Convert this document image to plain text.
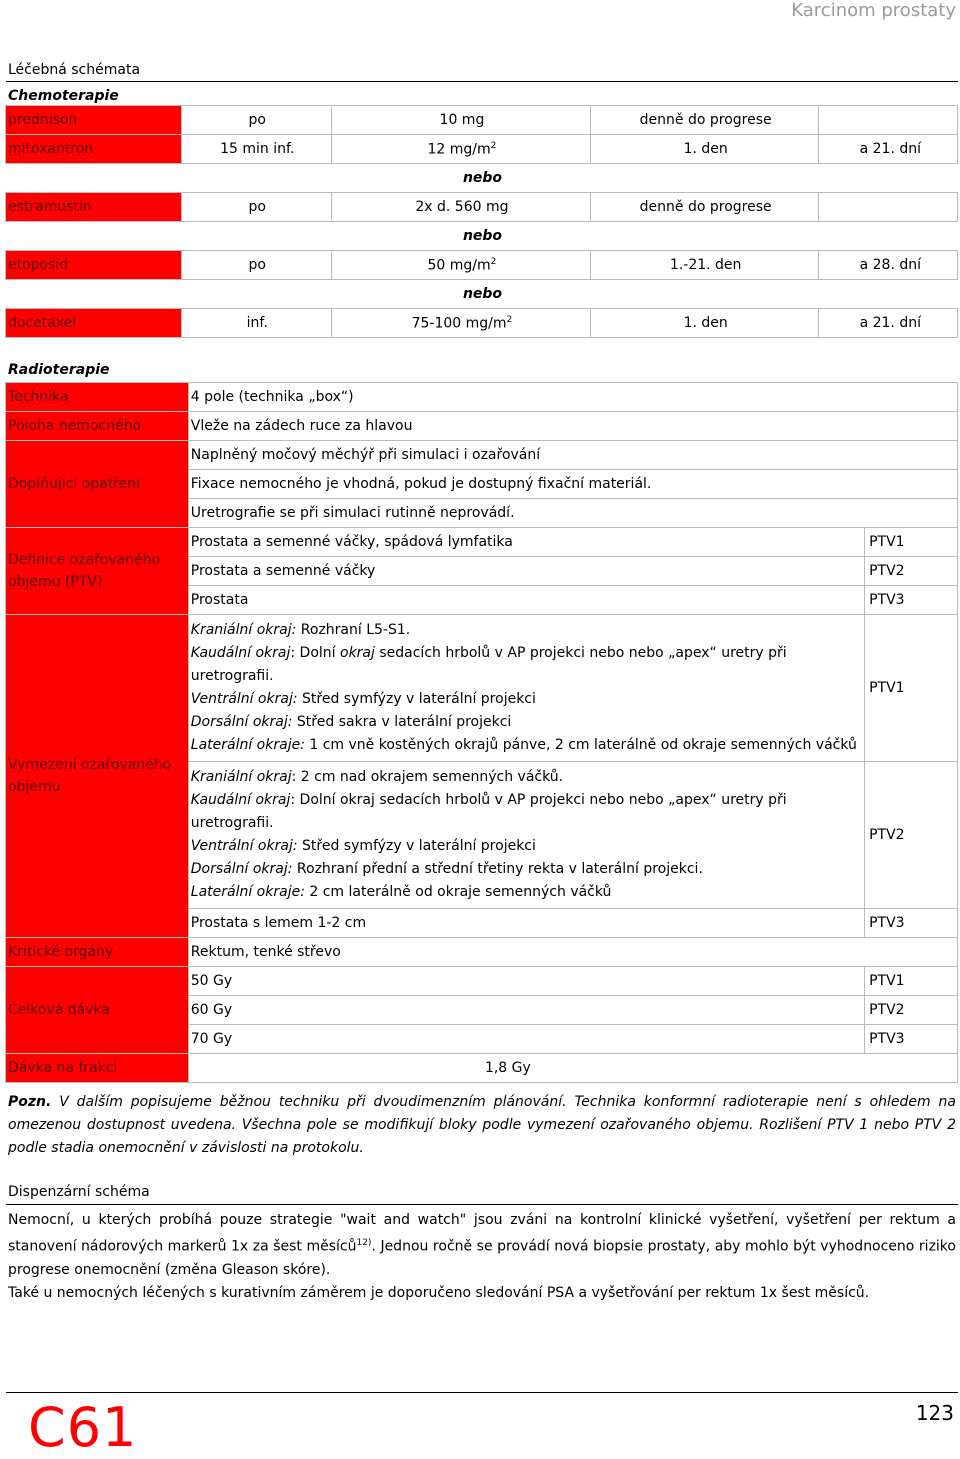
Karcinom prostaty
Léčebná schémata
Chemoterapie
prednison	po	10 mg	denně do progrese	
mitoxantron	15 min inf.	12 $mg/m^2$	1. den	a 21. dní
nebo				
estramustin	po	2x d. 560 mg	denně do progrese	
nebo				
etoposid	po	50 $mg/m^2$	1.-21. den	a 28. dní
nebo				
docetaxel	inf.	75-100 $mg/m^2$	1. den	a 21. dní
Radioterapie
Technika	4 pole (technika „box“)	
Poloha nemocného	Vleže na zádech ruce za hlavou	
Doplňující opatření	Naplněný močový měchýř při simulaci i ozařování	
	Fixace nemocného je vhodná, pokud je dostupný fixační materiál.	
	Uretrografie se při simulaci rutinně neprovádí.	
Definice ozařovaného objemu (PTV)	Prostata a semenné váčky, spádová lymfatika	PTV1
	Prostata a semenné váčky	PTV2
	Prostata	PTV3
Vymezení ozařovaného objemu	Kraniální okraj: Rozhraní L5-S1.
Kaudální okraj: Dolní okraj sedacích hrbolů v AP projekci nebo nebo „apex“ uretry při uretrografii.
Ventrální okraj: Střed symfýzy v laterální projekci
Dorsální okraj: Střed sakra v laterální projekci
Laterální okraje: 1 cm vně kostěných okrajů pánve, 2 cm laterálně od okraje semenných váčků	PTV1

	Kraniální okraj: 2 cm nad okrajem semenných váčků.
Kaudální okraj: Dolní okraj sedacích hrbolů v AP projekci nebo nebo „apex“ uretry při uretrografii.
Ventrální okraj: Střed symfýzy v laterální projekci
Dorsální okraj: Rozhraní přední a střední třetiny rekta v laterální projekci.
Laterální okraje: 2 cm laterálně od okraje semenných váčků	PTV2
	Prostata s lemem 1-2 cm	PTV3
Kritické orgány	Rektum, tenké střevo	
Celková dávka	50 Gy	PTV1
	60 Gy	PTV2
	70 Gy	PTV3
Dávka na frakci	1,8 Gy	
Pozn. V dalším popisujeme běžnou techniku při dvoudimenzním plánování. Technika konformní radioterapie není s ohledem na omezenou dostupnost uvedena. Všechna pole se modifikují bloky podle vymezení ozařovaného objemu. Rozlišení PTV 1 nebo PTV 2 podle stadia onemocnění v závislosti na protokolu.
Dispenzární schéma
Nemocní, u kterých probíhá pouze strategie "wait and watch" jsou zváni na kontrolní klinické vyšetření, vyšetření per rektum a stanovení nádorových markerů 1x za šest měsíců$^{12)}$. Jednou ročně se provádí nová biopsie prostaty, aby mohlo být vyhodnoceno riziko progrese onemocnění (změna Gleason skóre).
Také u nemocných léčených s kurativním záměrem je doporučeno sledování PSA a vyšetřování per rektum 1x šest měsíců.
C61	123
